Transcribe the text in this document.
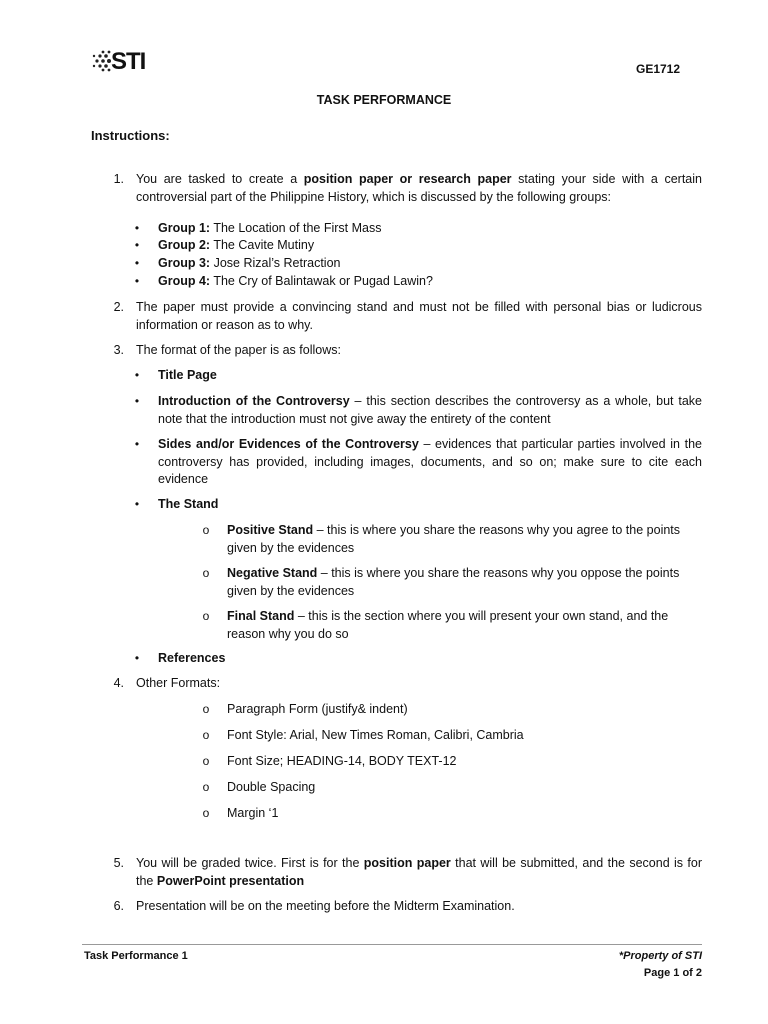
STI	GE1712
TASK PERFORMANCE
Instructions:
1. You are tasked to create a position paper or research paper stating your side with a certain controversial part of the Philippine History, which is discussed by the following groups:
• Group 1: The Location of the First Mass
• Group 2: The Cavite Mutiny
• Group 3: Jose Rizal’s Retraction
• Group 4: The Cry of Balintawak or Pugad Lawin?
2. The paper must provide a convincing stand and must not be filled with personal bias or ludicrous information or reason as to why.
3. The format of the paper is as follows:
• Title Page
• Introduction of the Controversy – this section describes the controversy as a whole, but take note that the introduction must not give away the entirety of the content
• Sides and/or Evidences of the Controversy – evidences that particular parties involved in the controversy has provided, including images, documents, and so on; make sure to cite each evidence
• The Stand
o Positive Stand – this is where you share the reasons why you agree to the points given by the evidences
o Negative Stand – this is where you share the reasons why you oppose the points given by the evidences
o Final Stand – this is the section where you will present your own stand, and the reason why you do so
• References
4. Other Formats:
o Paragraph Form (justify& indent)
o Font Style: Arial, New Times Roman, Calibri, Cambria
o Font Size; HEADING-14, BODY TEXT-12
o Double Spacing
o Margin ‘1
5. You will be graded twice. First is for the position paper that will be submitted, and the second is for the PowerPoint presentation
6. Presentation will be on the meeting before the Midterm Examination.
Task Performance 1	*Property of STI
Page 1 of 2
